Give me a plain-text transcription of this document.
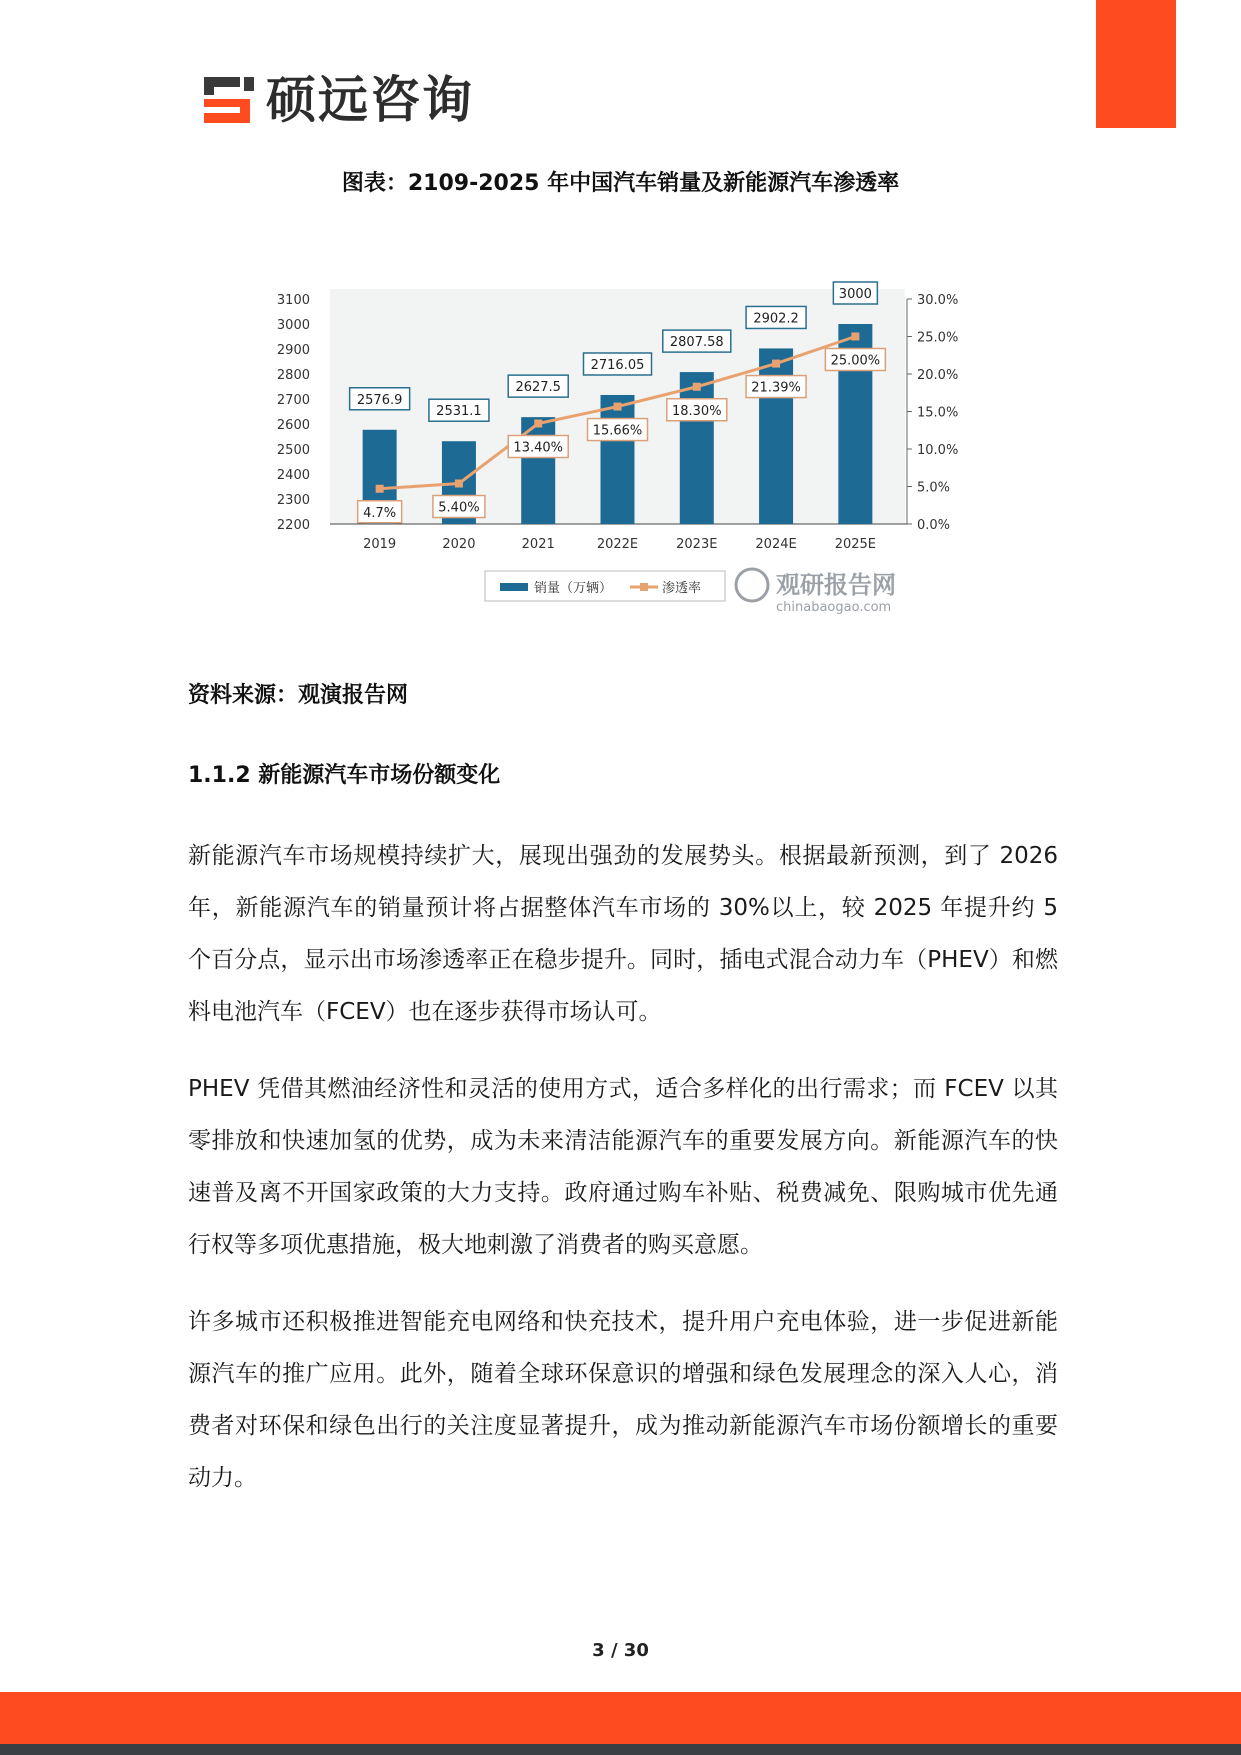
硕远咨询
图表：2109-2025 年中国汽车销量及新能源汽车渗透率
2200
2300
2400
2500
2600
2700
2800
2900
3000
3100
0.0%
5.0%
10.0%
15.0%
20.0%
25.0%
30.0%
2576.9
2531.1
2627.5
2716.05
2807.58
2902.2
3000
4.7%	5.40%
13.40%
15.66%
18.30%
21.39%
25.00%
2019	2020	2021	2022E	2023E	2024E	2025E
销量（万辆）	渗透率	观研报告网
chinabaogao.com
资料来源：观演报告网
1.1.2 新能源汽车市场份额变化

新能源汽车市场规模持续扩大，展现出强劲的发展势头。根据最新预测，到了 2026 年，新能源汽车的销量预计将占据整体汽车市场的 30%以上，较 2025 年提升约 5 个百分点，显示出市场渗透率正在稳步提升。同时，插电式混合动力车（PHEV）和燃料电池汽车（FCEV）也在逐步获得市场认可。

PHEV 凭借其燃油经济性和灵活的使用方式，适合多样化的出行需求；而 FCEV 以其零排放和快速加氢的优势，成为未来清洁能源汽车的重要发展方向。新能源汽车的快速普及离不开国家政策的大力支持。政府通过购车补贴、税费减免、限购城市优先通行权等多项优惠措施，极大地刺激了消费者的购买意愿。

许多城市还积极推进智能充电网络和快充技术，提升用户充电体验，进一步促进新能源汽车的推广应用。此外，随着全球环保意识的增强和绿色发展理念的深入人心，消费者对环保和绿色出行的关注度显著提升，成为推动新能源汽车市场份额增长的重要动力。

3 / 30
